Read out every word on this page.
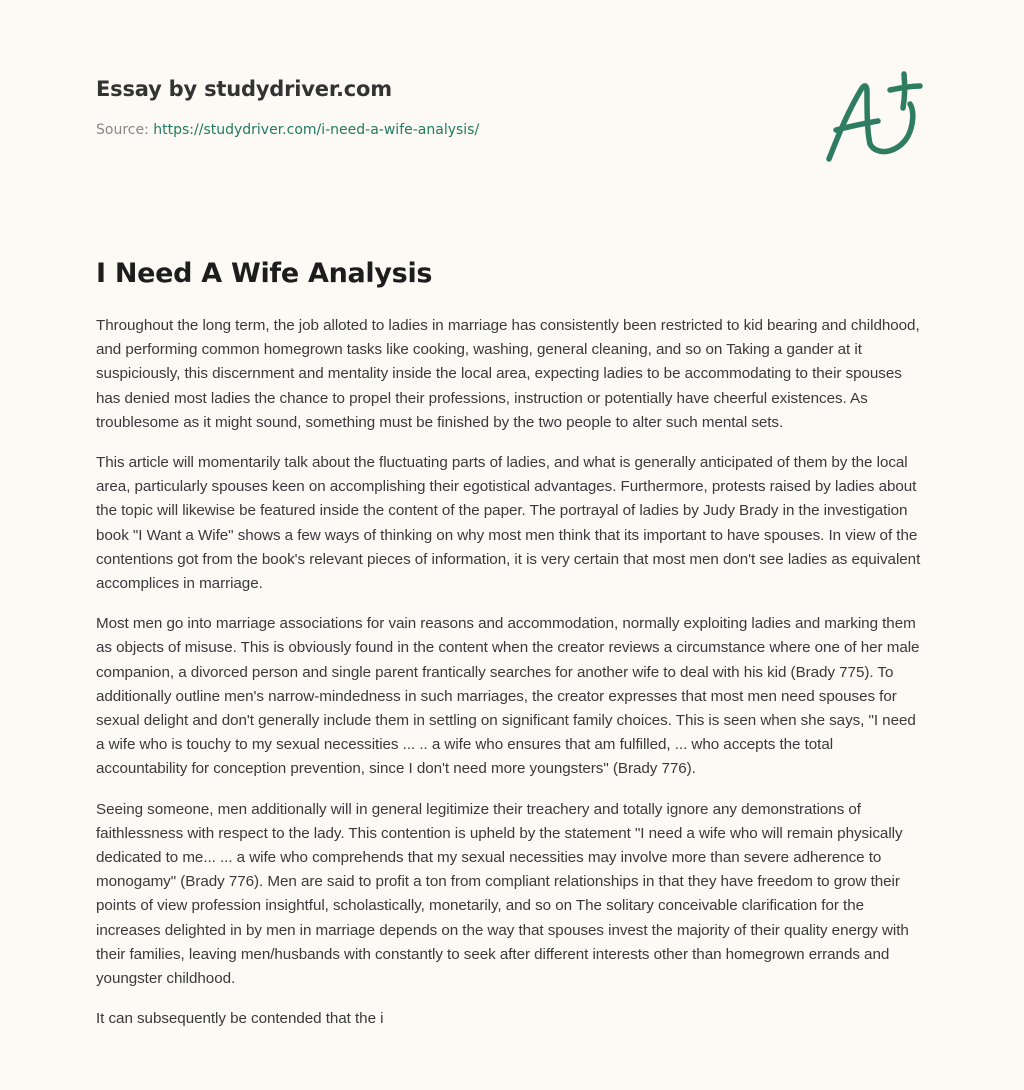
Essay by studydriver.com
Source: https://studydriver.com/i-need-a-wife-analysis/
I Need A Wife Analysis

Throughout the long term, the job alloted to ladies in marriage has consistently been restricted to kid bearing and childhood, and performing common homegrown tasks like cooking, washing, general cleaning, and so on Taking a gander at it suspiciously, this discernment and mentality inside the local area, expecting ladies to be accommodating to their spouses has denied most ladies the chance to propel their professions, instruction or potentially have cheerful existences. As troublesome as it might sound, something must be finished by the two people to alter such mental sets.

This article will momentarily talk about the fluctuating parts of ladies, and what is generally anticipated of them by the local area, particularly spouses keen on accomplishing their egotistical advantages. Furthermore, protests raised by ladies about the topic will likewise be featured inside the content of the paper. The portrayal of ladies by Judy Brady in the investigation book "I Want a Wife" shows a few ways of thinking on why most men think that its important to have spouses. In view of the contentions got from the book's relevant pieces of information, it is very certain that most men don't see ladies as equivalent accomplices in marriage.

Most men go into marriage associations for vain reasons and accommodation, normally exploiting ladies and marking them as objects of misuse. This is obviously found in the content when the creator reviews a circumstance where one of her male companion, a divorced person and single parent frantically searches for another wife to deal with his kid (Brady 775). To additionally outline men's narrow-mindedness in such marriages, the creator expresses that most men need spouses for sexual delight and don't generally include them in settling on significant family choices. This is seen when she says, "I need a wife who is touchy to my sexual necessities ... .. a wife who ensures that am fulfilled, ... who accepts the total accountability for conception prevention, since I don't need more youngsters" (Brady 776).

Seeing someone, men additionally will in general legitimize their treachery and totally ignore any demonstrations of faithlessness with respect to the lady. This contention is upheld by the statement "I need a wife who will remain physically dedicated to me... ... a wife who comprehends that my sexual necessities may involve more than severe adherence to monogamy" (Brady 776). Men are said to profit a ton from compliant relationships in that they have freedom to grow their points of view profession insightful, scholastically, monetarily, and so on The solitary conceivable clarification for the increases delighted in by men in marriage depends on the way that spouses invest the majority of their quality energy with their families, leaving men/husbands with constantly to seek after different interests other than homegrown errands and youngster childhood.

It can subsequently be contended that the i
